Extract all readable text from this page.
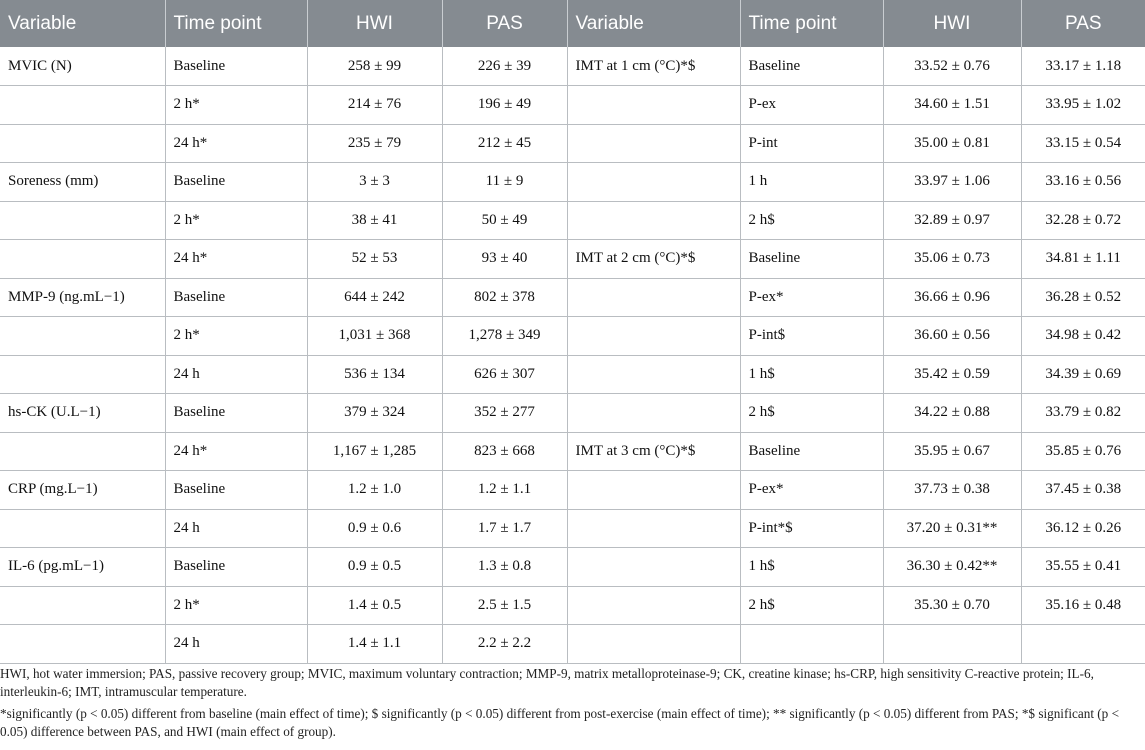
Variable	Time point	HWI	PAS	Variable	Time point	HWI	PAS
MVIC (N)	Baseline	258 ± 99	226 ± 39	IMT at 1 cm (°C)*$	Baseline	33.52 ± 0.76	33.17 ± 1.18
	2 h*	214 ± 76	196 ± 49		P-ex	34.60 ± 1.51	33.95 ± 1.02
	24 h*	235 ± 79	212 ± 45		P-int	35.00 ± 0.81	33.15 ± 0.54
Soreness (mm)	Baseline	3 ± 3	11 ± 9		1 h	33.97 ± 1.06	33.16 ± 0.56
	2 h*	38 ± 41	50 ± 49		2 h$	32.89 ± 0.97	32.28 ± 0.72
	24 h*	52 ± 53	93 ± 40	IMT at 2 cm (°C)*$	Baseline	35.06 ± 0.73	34.81 ± 1.11
MMP-9 (ng.mL−1)	Baseline	644 ± 242	802 ± 378		P-ex*	36.66 ± 0.96	36.28 ± 0.52
	2 h*	1,031 ± 368	1,278 ± 349		P-int$	36.60 ± 0.56	34.98 ± 0.42
	24 h	536 ± 134	626 ± 307		1 h$	35.42 ± 0.59	34.39 ± 0.69
hs-CK (U.L−1)	Baseline	379 ± 324	352 ± 277		2 h$	34.22 ± 0.88	33.79 ± 0.82
	24 h*	1,167 ± 1,285	823 ± 668	IMT at 3 cm (°C)*$	Baseline	35.95 ± 0.67	35.85 ± 0.76
CRP (mg.L−1)	Baseline	1.2 ± 1.0	1.2 ± 1.1		P-ex*	37.73 ± 0.38	37.45 ± 0.38
	24 h	0.9 ± 0.6	1.7 ± 1.7		P-int*$	37.20 ± 0.31**	36.12 ± 0.26
IL-6 (pg.mL−1)	Baseline	0.9 ± 0.5	1.3 ± 0.8		1 h$	36.30 ± 0.42**	35.55 ± 0.41
	2 h*	1.4 ± 0.5	2.5 ± 1.5		2 h$	35.30 ± 0.70	35.16 ± 0.48
	24 h	1.4 ± 1.1	2.2 ± 2.2				

HWI, hot water immersion; PAS, passive recovery group; MVIC, maximum voluntary contraction; MMP-9, matrix metalloproteinase-9; CK, creatine kinase; hs-CRP, high sensitivity C-reactive protein; IL-6, interleukin-6; IMT, intramuscular temperature.

*significantly (p < 0.05) different from baseline (main effect of time); $ significantly (p < 0.05) different from post-exercise (main effect of time); ** significantly (p < 0.05) different from PAS; *$ significant (p < 0.05) difference between PAS, and HWI (main effect of group).
